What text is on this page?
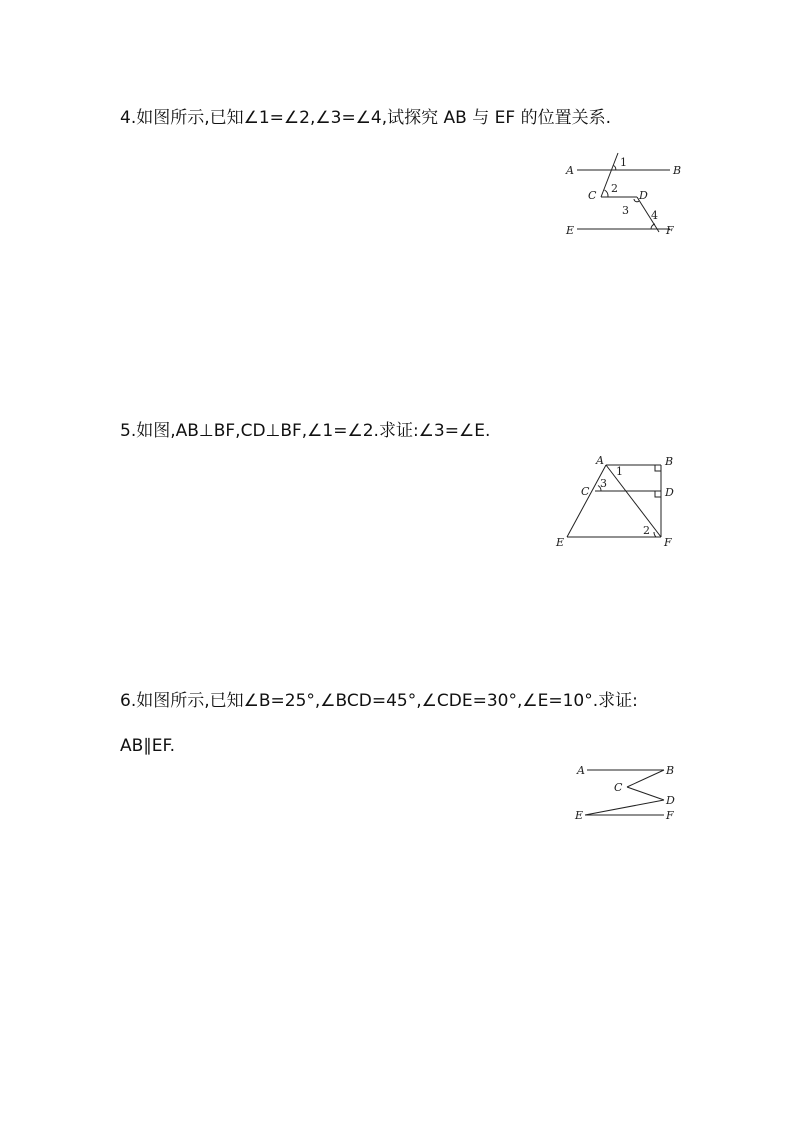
4.如图所示,已知∠1=∠2,∠3=∠4,试探究 AB 与 EF 的位置关系.
A	B
C	D
E	F
1
2
3 4
5.如图,AB⊥BF,CD⊥BF,∠1=∠2.求证:∠3=∠E.
A	B
C	D
E	F
1
3
2
6.如图所示,已知∠B=25°,∠BCD=45°,∠CDE=30°,∠E=10°.求证:
AB∥EF.
A	B
C
D
E	F
